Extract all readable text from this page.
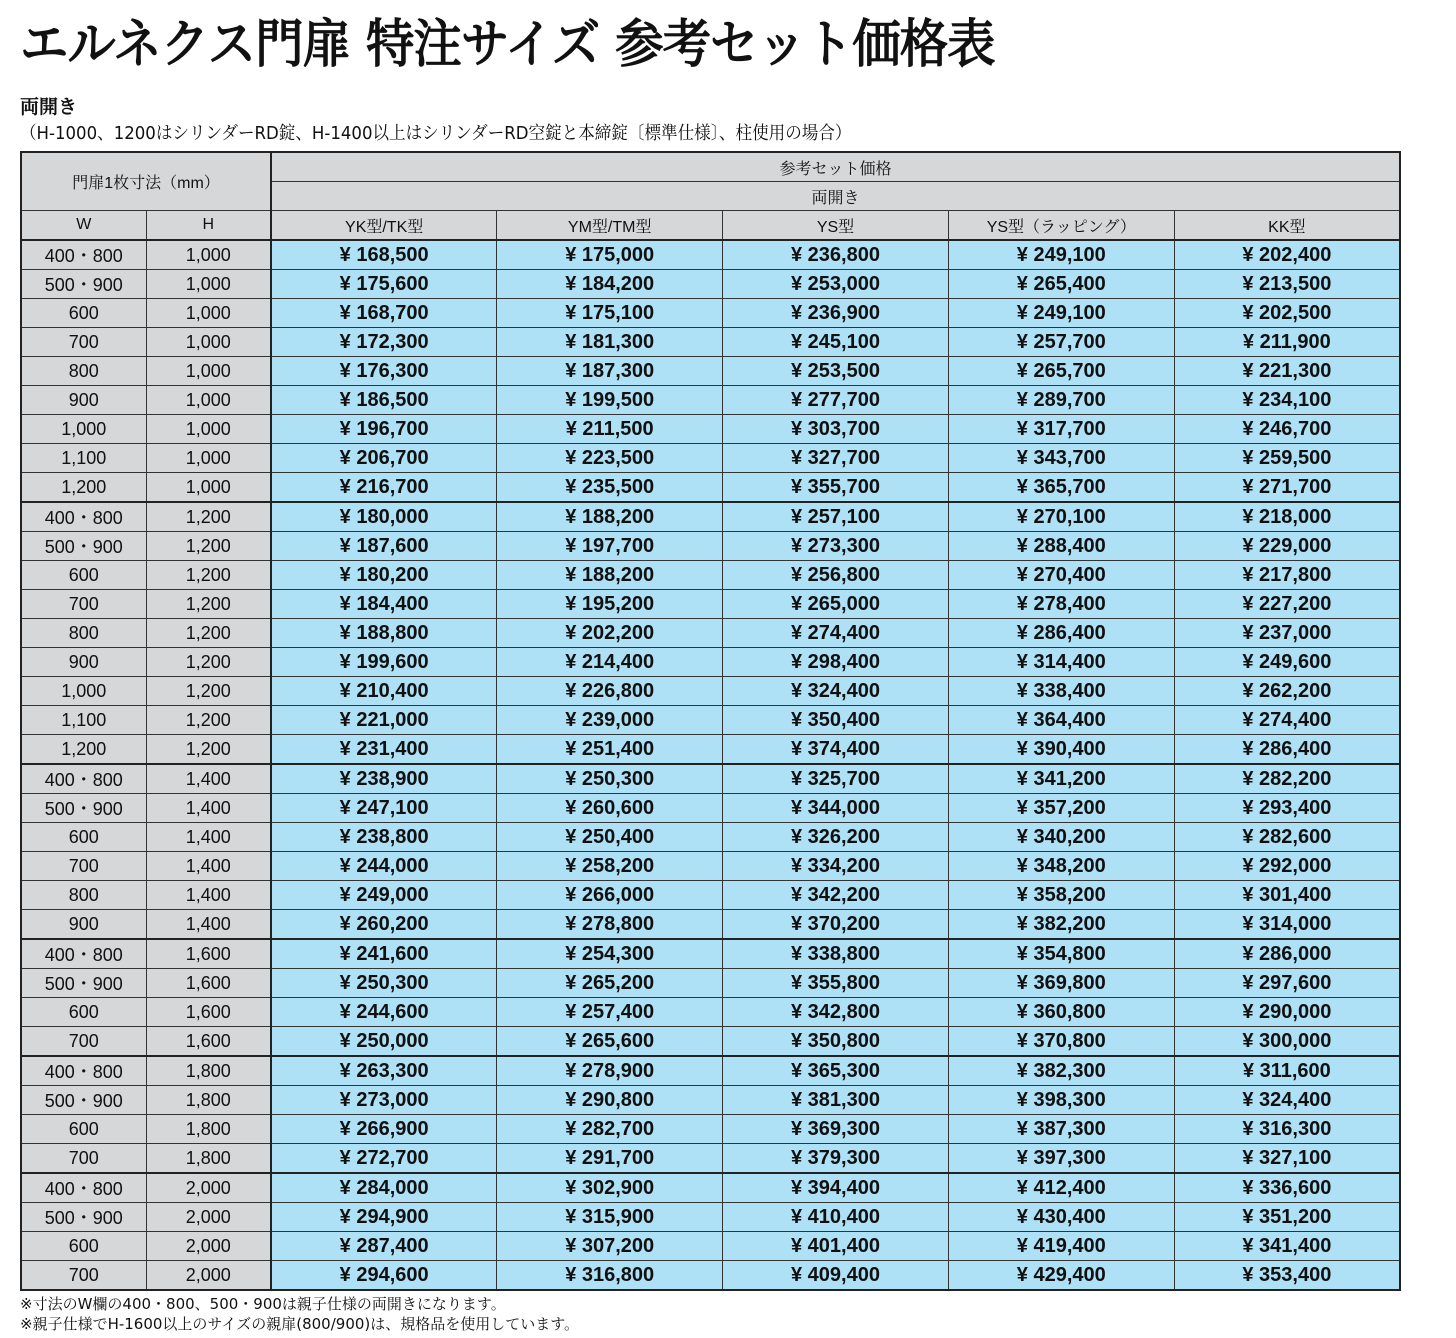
エルネクス門扉 特注サイズ 参考セット価格表
両開き
（H-1000、1200はシリンダーRD錠、H-1400以上はシリンダーRD空錠と本締錠〔標準仕様〕、柱使用の場合）
門扉1枚寸法（mm）		参考セット価格				
		両開き				
W	H	YK型/TK型	YM型/TM型	YS型	YS型（ラッピング）	KK型
400・800	1,000	¥ 168,500	¥ 175,000	¥ 236,800	¥ 249,100	¥ 202,400
500・900	1,000	¥ 175,600	¥ 184,200	¥ 253,000	¥ 265,400	¥ 213,500
600	1,000	¥ 168,700	¥ 175,100	¥ 236,900	¥ 249,100	¥ 202,500
700	1,000	¥ 172,300	¥ 181,300	¥ 245,100	¥ 257,700	¥ 211,900
800	1,000	¥ 176,300	¥ 187,300	¥ 253,500	¥ 265,700	¥ 221,300
900	1,000	¥ 186,500	¥ 199,500	¥ 277,700	¥ 289,700	¥ 234,100
1,000	1,000	¥ 196,700	¥ 211,500	¥ 303,700	¥ 317,700	¥ 246,700
1,100	1,000	¥ 206,700	¥ 223,500	¥ 327,700	¥ 343,700	¥ 259,500
1,200	1,000	¥ 216,700	¥ 235,500	¥ 355,700	¥ 365,700	¥ 271,700
400・800	1,200	¥ 180,000	¥ 188,200	¥ 257,100	¥ 270,100	¥ 218,000
500・900	1,200	¥ 187,600	¥ 197,700	¥ 273,300	¥ 288,400	¥ 229,000
600	1,200	¥ 180,200	¥ 188,200	¥ 256,800	¥ 270,400	¥ 217,800
700	1,200	¥ 184,400	¥ 195,200	¥ 265,000	¥ 278,400	¥ 227,200
800	1,200	¥ 188,800	¥ 202,200	¥ 274,400	¥ 286,400	¥ 237,000
900	1,200	¥ 199,600	¥ 214,400	¥ 298,400	¥ 314,400	¥ 249,600
1,000	1,200	¥ 210,400	¥ 226,800	¥ 324,400	¥ 338,400	¥ 262,200
1,100	1,200	¥ 221,000	¥ 239,000	¥ 350,400	¥ 364,400	¥ 274,400
1,200	1,200	¥ 231,400	¥ 251,400	¥ 374,400	¥ 390,400	¥ 286,400
400・800	1,400	¥ 238,900	¥ 250,300	¥ 325,700	¥ 341,200	¥ 282,200
500・900	1,400	¥ 247,100	¥ 260,600	¥ 344,000	¥ 357,200	¥ 293,400
600	1,400	¥ 238,800	¥ 250,400	¥ 326,200	¥ 340,200	¥ 282,600
700	1,400	¥ 244,000	¥ 258,200	¥ 334,200	¥ 348,200	¥ 292,000
800	1,400	¥ 249,000	¥ 266,000	¥ 342,200	¥ 358,200	¥ 301,400
900	1,400	¥ 260,200	¥ 278,800	¥ 370,200	¥ 382,200	¥ 314,000
400・800	1,600	¥ 241,600	¥ 254,300	¥ 338,800	¥ 354,800	¥ 286,000
500・900	1,600	¥ 250,300	¥ 265,200	¥ 355,800	¥ 369,800	¥ 297,600
600	1,600	¥ 244,600	¥ 257,400	¥ 342,800	¥ 360,800	¥ 290,000
700	1,600	¥ 250,000	¥ 265,600	¥ 350,800	¥ 370,800	¥ 300,000
400・800	1,800	¥ 263,300	¥ 278,900	¥ 365,300	¥ 382,300	¥ 311,600
500・900	1,800	¥ 273,000	¥ 290,800	¥ 381,300	¥ 398,300	¥ 324,400
600	1,800	¥ 266,900	¥ 282,700	¥ 369,300	¥ 387,300	¥ 316,300
700	1,800	¥ 272,700	¥ 291,700	¥ 379,300	¥ 397,300	¥ 327,100
400・800	2,000	¥ 284,000	¥ 302,900	¥ 394,400	¥ 412,400	¥ 336,600
500・900	2,000	¥ 294,900	¥ 315,900	¥ 410,400	¥ 430,400	¥ 351,200
600	2,000	¥ 287,400	¥ 307,200	¥ 401,400	¥ 419,400	¥ 341,400
700	2,000	¥ 294,600	¥ 316,800	¥ 409,400	¥ 429,400	¥ 353,400
※寸法のW欄の400・800、500・900は親子仕様の両開きになります。
※親子仕様でH-1600以上のサイズの親扉(800/900)は、規格品を使用しています。
